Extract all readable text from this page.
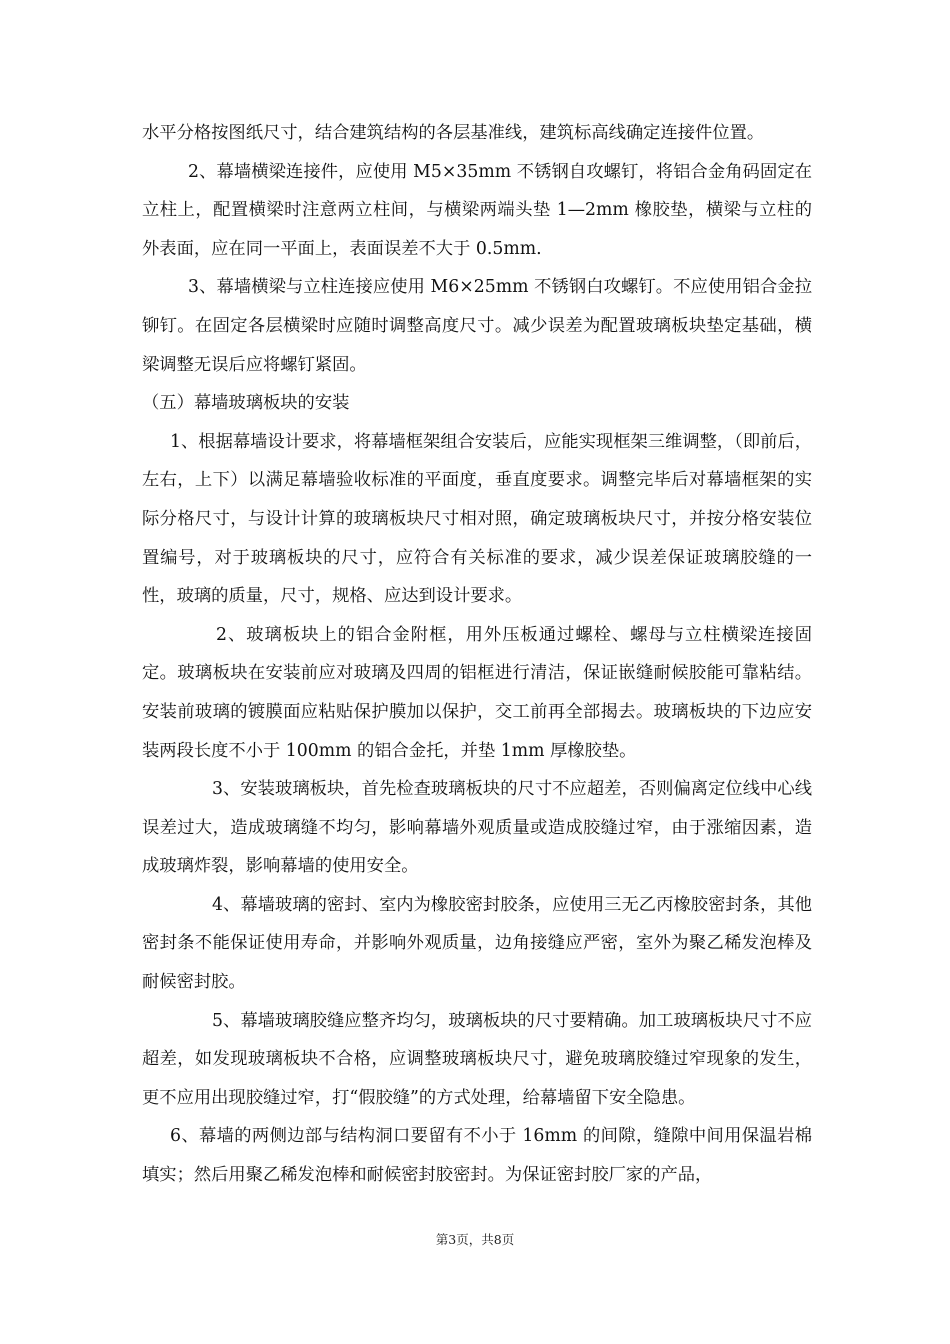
水平分格按图纸尺寸，结合建筑结构的各层基准线，建筑标高线确定连接件位置。

2、幕墙横梁连接件，应使用 M5×35mm 不锈钢自攻螺钉，将铝合金角码固定在立柱上，配置横梁时注意两立柱间，与横梁两端头垫 1—2mm 橡胶垫，横梁与立柱的外表面，应在同一平面上，表面误差不大于 0.5mm.

3、幕墙横梁与立柱连接应使用 M6×25mm 不锈钢白攻螺钉。不应使用铝合金拉铆钉。在固定各层横梁时应随时调整高度尺寸。减少误差为配置玻璃板块垫定基础，横梁调整无误后应将螺钉紧固。

（五）幕墙玻璃板块的安装

1、根据幕墙设计要求，将幕墙框架组合安装后，应能实现框架三维调整，（即前后，左右，上下）以满足幕墙验收标准的平面度，垂直度要求。调整完毕后对幕墙框架的实际分格尺寸，与设计计算的玻璃板块尺寸相对照，确定玻璃板块尺寸，并按分格安装位置编号，对于玻璃板块的尺寸，应符合有关标准的要求，减少误差保证玻璃胶缝的一性，玻璃的质量，尺寸，规格、应达到设计要求。

2、玻璃板块上的铝合金附框，用外压板通过螺栓、螺母与立柱横梁连接固定。玻璃板块在安装前应对玻璃及四周的铝框进行清洁，保证嵌缝耐候胶能可靠粘结。安装前玻璃的镀膜面应粘贴保护膜加以保护，交工前再全部揭去。玻璃板块的下边应安装两段长度不小于 100mm 的铝合金托，并垫 1mm 厚橡胶垫。

3、安装玻璃板块，首先检查玻璃板块的尺寸不应超差，否则偏离定位线中心线误差过大，造成玻璃缝不均匀，影响幕墙外观质量或造成胶缝过窄，由于涨缩因素，造成玻璃炸裂，影响幕墙的使用安全。

4、幕墙玻璃的密封、室内为橡胶密封胶条，应使用三无乙丙橡胶密封条，其他密封条不能保证使用寿命，并影响外观质量，边角接缝应严密，室外为聚乙稀发泡棒及耐候密封胶。

5、幕墙玻璃胶缝应整齐均匀，玻璃板块的尺寸要精确。加工玻璃板块尺寸不应超差，如发现玻璃板块不合格，应调整玻璃板块尺寸，避免玻璃胶缝过窄现象的发生，更不应用出现胶缝过窄，打“假胶缝”的方式处理，给幕墙留下安全隐患。

6、幕墙的两侧边部与结构洞口要留有不小于 16mm 的间隙，缝隙中间用保温岩棉填实；然后用聚乙稀发泡棒和耐候密封胶密封。为保证密封胶厂家的产品，

第3页，共8页
